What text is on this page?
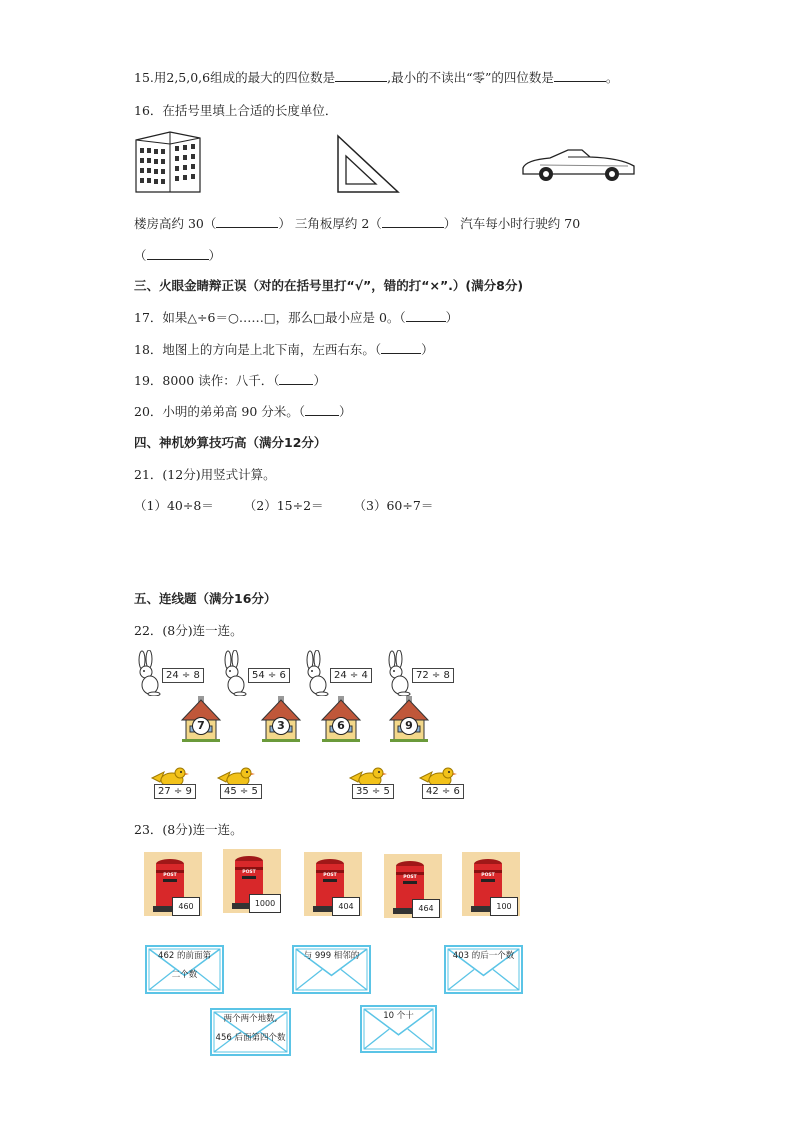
15.用2,5,0,6组成的最大的四位数是	,最小的不读出“零”的四位数是	。
16．在括号里填上合适的长度单位．
楼房高约 30（	） 三角板厚约 2（	） 汽车每小时行驶约 70
（	）
三、火眼金睛辩正误（对的在括号里打“√”，错的打“×”.）(满分8分)
17．如果△÷6＝○……□，那么□最小应是 0。（	）
18．地图上的方向是上北下南，左西右东。（	）
19．8000 读作：八千．（	）
20．小明的弟弟高 90 分米。（	）
四、神机妙算技巧高（满分12分）
21．(12分)用竖式计算。
（1）40÷8＝ （2）15÷2＝ （3）60÷7＝
五、连线题（满分16分）
22．(8分)连一连。
24 ÷ 8	54 ÷ 6	24 ÷ 4	72 ÷ 8
7	3	6	9
27 ÷ 9	45 ÷ 5	35 ÷ 5	42 ÷ 6
23．(8分)连一连。
POST
460
POST
1000
POST
404
POST
464
POST
100
462 的前面第
二个数
与 999 相邻的	403 的后一个数
两个两个地数,
456 后面第四个数
10 个十
